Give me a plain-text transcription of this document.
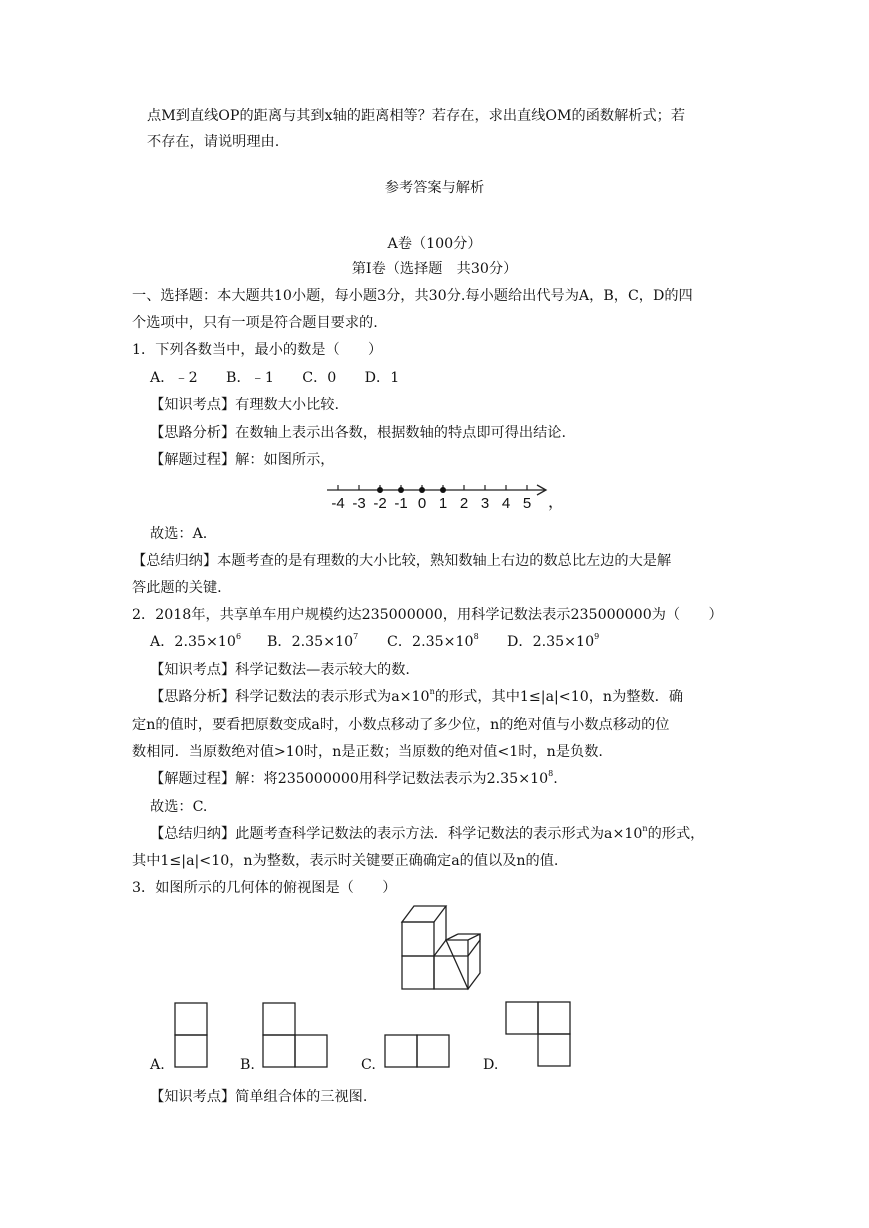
点M到直线OP的距离与其到x轴的距离相等？若存在，求出直线OM的函数解析式；若
不存在，请说明理由.
参考答案与解析
A卷（100分）
第Ⅰ卷（选择题　共30分）
一、选择题：本大题共10小题，每小题3分，共30分.每小题给出代号为A，B，C，D的四
个选项中，只有一项是符合题目要求的.
1．下列各数当中，最小的数是（　　）
A．﹣2　　B．﹣1　　C．0　　D．1
【知识考点】有理数大小比较.
【思路分析】在数轴上表示出各数，根据数轴的特点即可得出结论.
【解题过程】解：如图所示，
-4 -3 -2 -1 0 1 2 3 4 5 ，
故选：A.
【总结归纳】本题考查的是有理数的大小比较，熟知数轴上右边的数总比左边的大是解
答此题的关键.
2．2018年，共享单车用户规模约达235000000，用科学记数法表示235000000为（　　）
A．$2.35\times 10^6$ B．$2.35\times 10^7$ C．$2.35\times 10^8$ D．$2.35\times 10^9$
【知识考点】科学记数法—表示较大的数.
【思路分析】科学记数法的表示形式为$a\times 10^n$的形式，其中1≤|a|<10，n为整数．确
定n的值时，要看把原数变成a时，小数点移动了多少位，n的绝对值与小数点移动的位
数相同．当原数绝对值>10时，n是正数；当原数的绝对值<1时，n是负数.
【解题过程】解：将235000000用科学记数法表示为$2.35\times 10^8$.
故选：C.
【总结归纳】此题考查科学记数法的表示方法．科学记数法的表示形式为$a\times 10^n$的形式，
其中1≤|a|<10，n为整数，表示时关键要正确确定a的值以及n的值.
3．如图所示的几何体的俯视图是（　　）
A.	B.	C.	D.
【知识考点】简单组合体的三视图.
